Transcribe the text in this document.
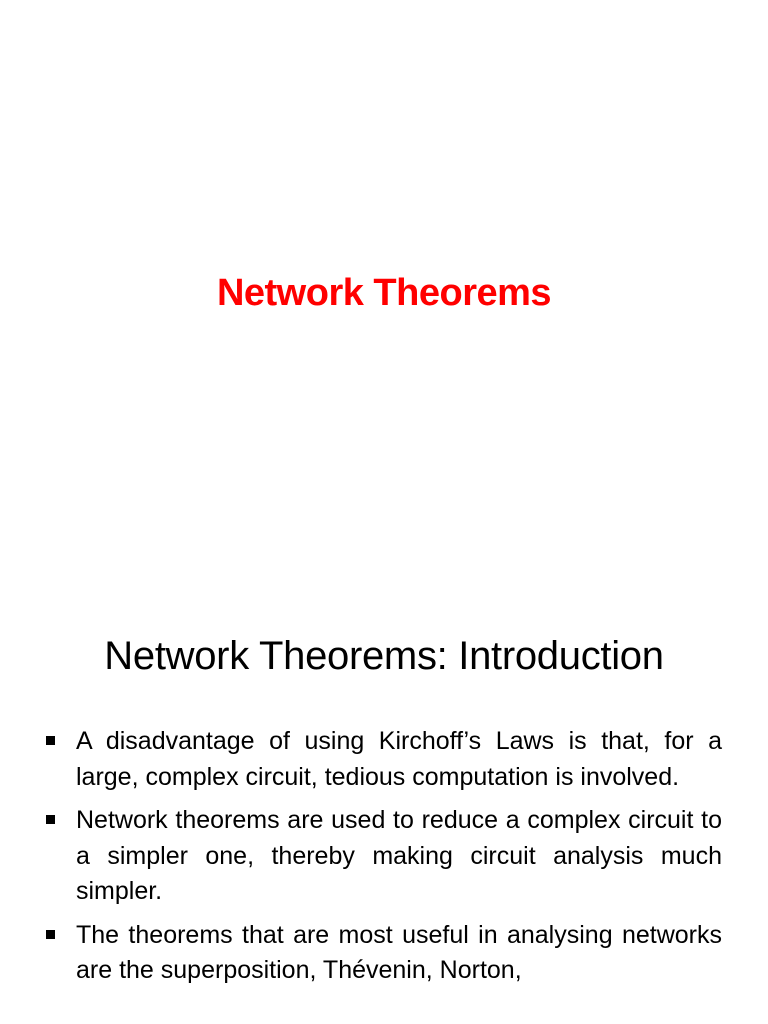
Network Theorems
Network Theorems: Introduction
A disadvantage of using Kirchoff’s Laws is that, for a large, complex circuit, tedious computation is involved.
Network theorems are used to reduce a complex circuit to a simpler one, thereby making circuit analysis much simpler.
The theorems that are most useful in analysing networks are the superposition, Thévenin, Norton,
